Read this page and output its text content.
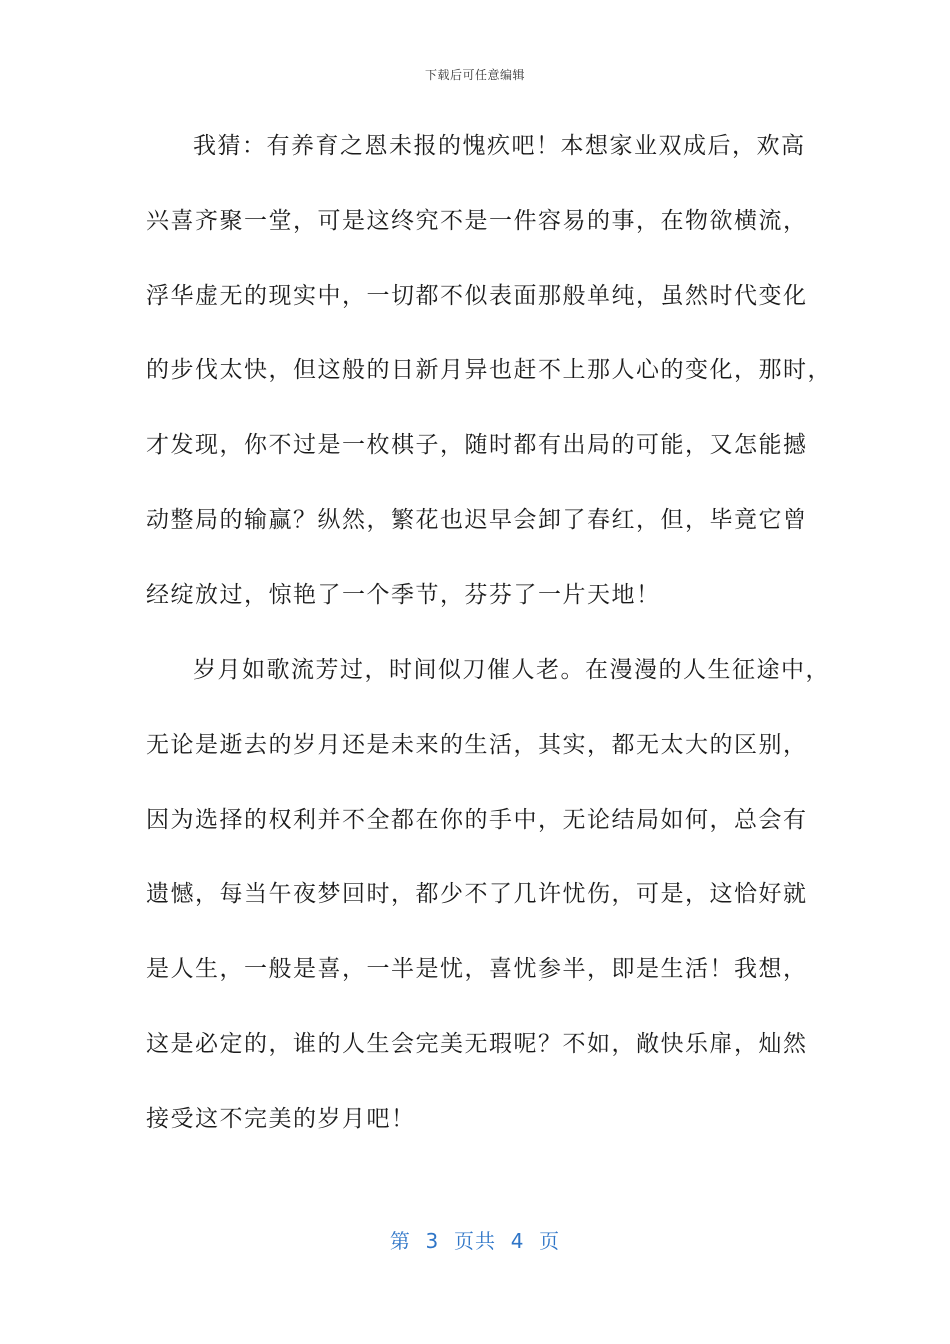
下载后可任意编辑
我猜：有养育之恩未报的愧疚吧！本想家业双成后，欢高
兴喜齐聚一堂，可是这终究不是一件容易的事，在物欲横流，
浮华虚无的现实中，一切都不似表面那般单纯，虽然时代变化
的步伐太快，但这般的日新月异也赶不上那人心的变化，那时，
才发现，你不过是一枚棋子，随时都有出局的可能，又怎能撼
动整局的输赢？纵然，繁花也迟早会卸了春红，但，毕竟它曾
经绽放过，惊艳了一个季节，芬芬了一片天地！
岁月如歌流芳过，时间似刀催人老。在漫漫的人生征途中，
无论是逝去的岁月还是未来的生活，其实，都无太大的区别，
因为选择的权利并不全都在你的手中，无论结局如何，总会有
遗憾，每当午夜梦回时，都少不了几许忧伤，可是，这恰好就
是人生，一般是喜，一半是忧，喜忧参半，即是生活！我想，
这是必定的，谁的人生会完美无瑕呢？不如，敞快乐扉，灿然
接受这不完美的岁月吧！
第  3  页共  4  页
